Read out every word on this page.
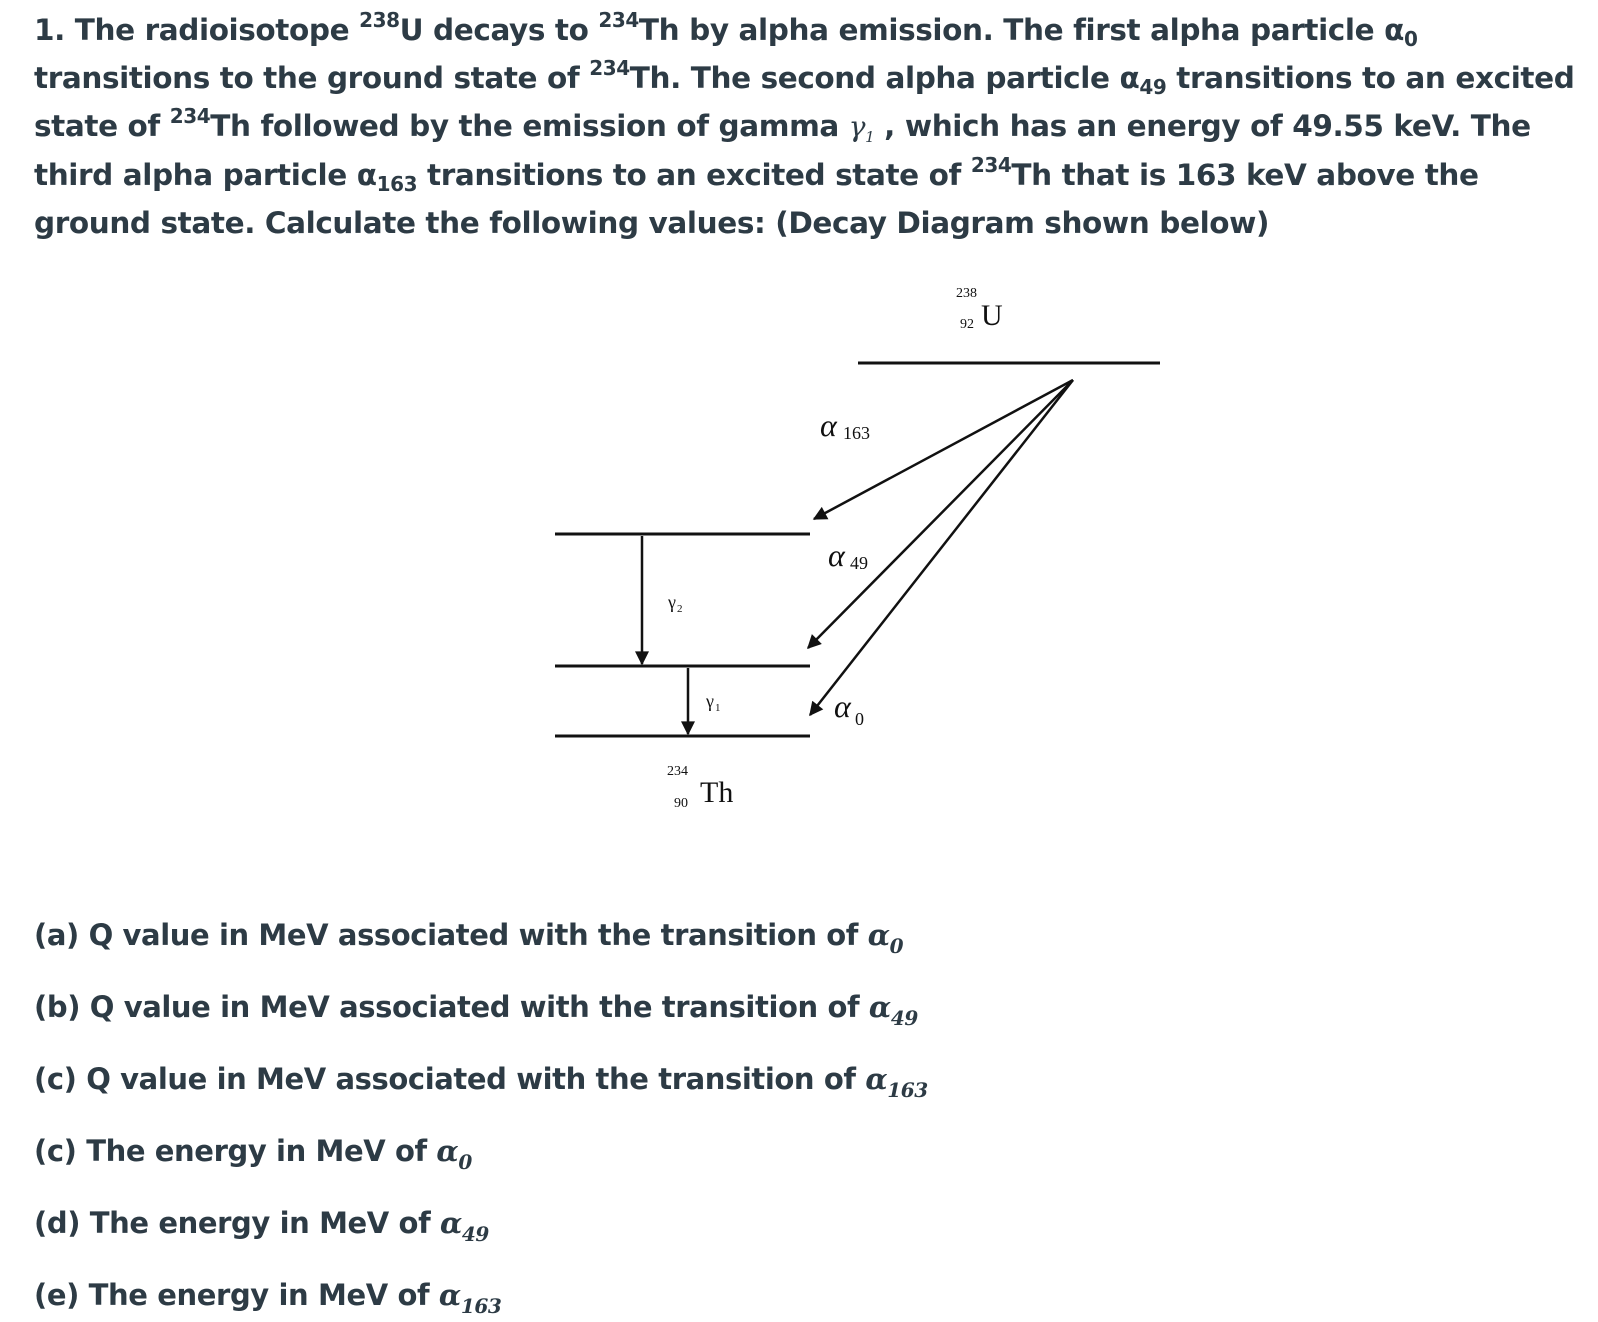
1. The radioisotope $^{238}$U decays to $^{234}$Th by alpha emission. The first alpha particle $\alpha_0$ transitions to the ground state of $^{234}$Th. The second alpha particle $\alpha_{49}$ transitions to an excited state of $^{234}$Th followed by the emission of gamma $\gamma_1$ , which has an energy of 49.55 keV. The third alpha particle $\alpha_{163}$ transitions to an excited state of $^{234}$Th that is 163 keV above the ground state. Calculate the following values: (Decay Diagram shown below)
238
92 U
α 163
α 49
α 0
γ 2
γ 1
234
90 Th
(a) Q value in MeV associated with the transition of $\alpha_0$
(b) Q value in MeV associated with the transition of $\alpha_{49}$
(c) Q value in MeV associated with the transition of $\alpha_{163}$
(c) The energy in MeV of $\alpha_0$
(d) The energy in MeV of $\alpha_{49}$
(e) The energy in MeV of $\alpha_{163}$
